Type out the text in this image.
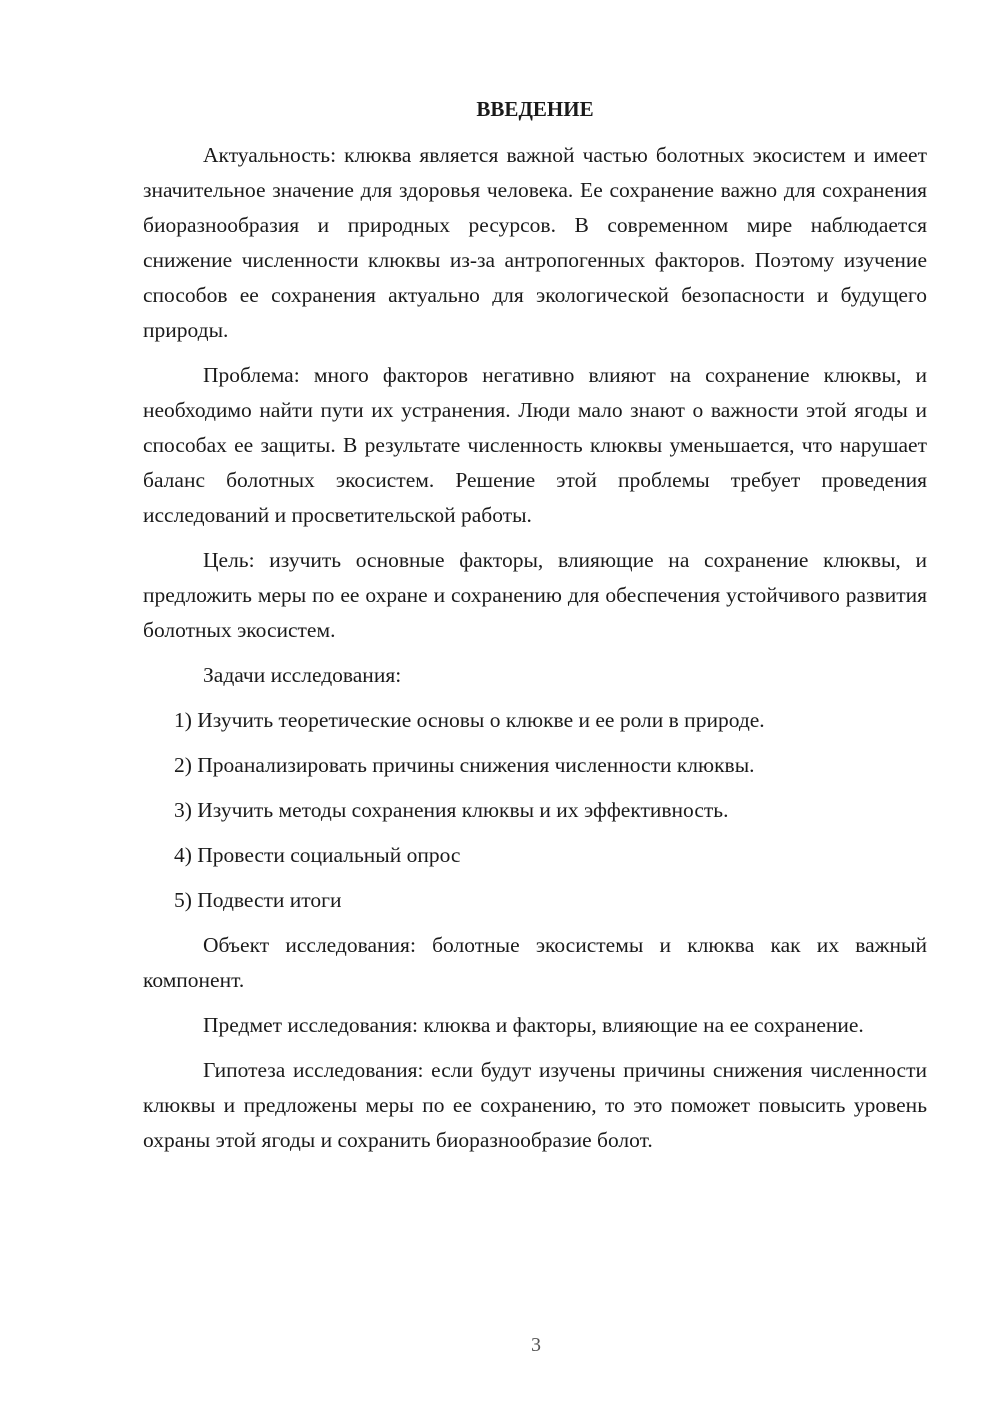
ВВЕДЕНИЕ

Актуальность: клюква является важной частью болотных экосистем и имеет значительное значение для здоровья человека. Ее сохранение важно для сохранения биоразнообразия и природных ресурсов. В современном мире наблюдается снижение численности клюквы из-за антропогенных факторов. Поэтому изучение способов ее сохранения актуально для экологической безопасности и будущего природы.

Проблема: много факторов негативно влияют на сохранение клюквы, и необходимо найти пути их устранения. Люди мало знают о важности этой ягоды и способах ее защиты. В результате численность клюквы уменьшается, что нарушает баланс болотных экосистем. Решение этой проблемы требует проведения исследований и просветительской работы.

Цель: изучить основные факторы, влияющие на сохранение клюквы, и предложить меры по ее охране и сохранению для обеспечения устойчивого развития болотных экосистем.

Задачи исследования:

1) Изучить теоретические основы о клюкве и ее роли в природе.

2) Проанализировать причины снижения численности клюквы.

3) Изучить методы сохранения клюквы и их эффективность.

4) Провести социальный опрос

5) Подвести итоги

Объект исследования: болотные экосистемы и клюква как их важный компонент.

Предмет исследования: клюква и факторы, влияющие на ее сохранение.

Гипотеза исследования: если будут изучены причины снижения численности клюквы и предложены меры по ее сохранению, то это поможет повысить уровень охраны этой ягоды и сохранить биоразнообразие болот.

3
